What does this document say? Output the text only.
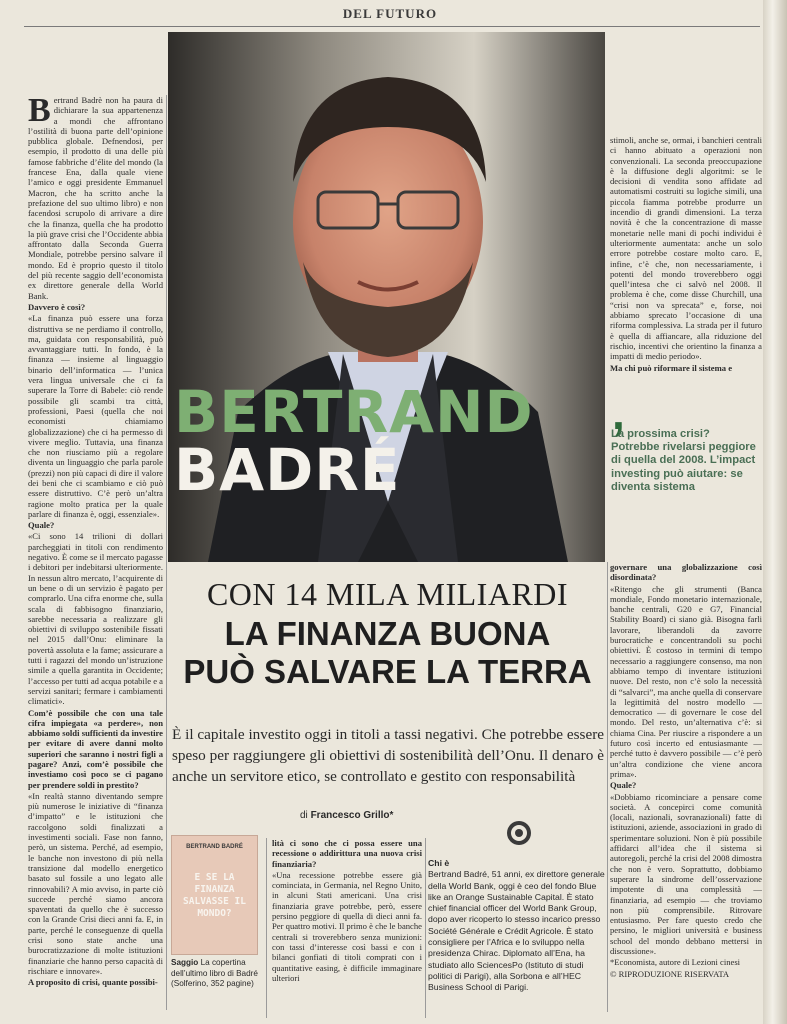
DEL FUTURO
B ertrand Badrè non ha paura di dichiarare la sua appartenenza a mondi che affrontano l’ostilità di buona parte dell’opinione pubblica globale. Defnendosi, per esempio, il prodotto di una delle più famose fabbriche d’élite del mondo (la francese Ena, dalla quale viene l’amico e oggi presidente Emmanuel Macron, che ha scritto anche la prefazione del suo ultimo libro) e non facendosi scrupolo di arrivare a dire che la finanza, quella che ha prodotto la più grave crisi che l’Occidente abbia affrontato dalla Seconda Guerra Mondiale, potrebbe persino salvare il mondo. Ed è proprio questo il titolo del più recente saggio dell’economista ex direttore generale della World Bank.

Davvero è così?

«La finanza può essere una forza distruttiva se ne perdiamo il controllo, ma, guidata con responsabilità, può avvantaggiare tutti. In fondo, è la finanza — insieme al linguaggio binario dell’informatica — l’unica vera lingua universale che ci fa superare la Torre di Babele: ciò rende possibile gli scambi tra città, professioni, Paesi (quella che noi economisti chiamiamo globalizzazione) che ci ha permesso di vivere meglio. Tuttavia, una finanza che non riusciamo più a regolare diventa un linguaggio che parla parole (prezzi) non più capaci di dire il valore dei beni che ci scambiamo e ciò può essere distruttivo. C’è però un’altra ragione molto pratica per la quale parlare di finanza è, oggi, essenziale».

Quale?

«Ci sono 14 trilioni di dollari parcheggiati in titoli con rendimento negativo. È come se il mercato pagasse i debitori per indebitarsi ulteriormente. In nessun altro mercato, l’acquirente di un bene o di un servizio è pagato per comprarlo. Una cifra enorme che, sulla scala di fabbisogno finanziario, sarebbe necessaria a realizzare gli obiettivi di sviluppo sostenibile fissati nel 2015 dall’Onu: eliminare la povertà assoluta e la fame; assicurare a tutti i ragazzi del mondo un’istruzione simile a quella garantita in Occidente; l’accesso per tutti ad acqua potabile e a servizi sanitari; fermare i cambiamenti climatici».

Com’è possibile che con una tale cifra impiegata «a perdere», non abbiamo soldi sufficienti da investire per evitare di avere danni molto superiori che saranno i nostri figli a pagare? Anzi, com’è possibile che investiamo così poco se ci pagano per prendere soldi in prestito?

«In realtà stanno diventando sempre più numerose le iniziative di “finanza d’impatto” e le istituzioni che raccolgono soldi finalizzati a investimenti sociali. Fase non fanno, però, un sistema. Perché, ad esempio, le banche non investono di più nella transizione dal modello energetico basato sul fossile a uno legato alle rinnovabili? A mio avviso, in parte ciò succede perché siamo ancora spaventati da quello che è successo con la Grande Crisi dieci anni fa. E, in parte, perché le conseguenze di quella crisi sono state anche una burocratizzazione di molte istituzioni finanziarie che hanno perso capacità di rischiare e innovare».

A proposito di crisi, quante possibi-

stimoli, anche se, ormai, i banchieri centrali ci hanno abituato a operazioni non convenzionali. La seconda preoccupazione è la diffusione degli algoritmi: se le decisioni di vendita sono affidate ad automatismi costruiti su logiche simili, una piccola fiamma potrebbe produrre un incendio di grandi dimensioni. La terza novità è che la concentrazione di masse monetarie nelle mani di pochi individui è ulteriormente aumentata: anche un solo errore potrebbe costare molto caro. E, infine, c’è che, non necessariamente, i potenti del mondo troverebbero oggi quell’intesa che ci salvò nel 2008. Il problema è che, come disse Churchill, una “crisi non va sprecata” e, forse, noi abbiamo sprecato l’occasione di una riforma complessiva. La strada per il futuro è quella di affiancare, alla riduzione del rischio, incentivi che orientino la finanza a impatti di medio periodo».

Ma chi può riformare il sistema e

,
La prossima crisi? Potrebbe rivelarsi peggiore di quella del 2008. L’impact investing può aiutare: se diventa sistema
BERTRAND
BADRÉ

governare una globalizzazione così disordinata?

«Ritengo che gli strumenti (Banca mondiale, Fondo monetario internazionale, banche centrali, G20 e G7, Financial Stability Board) ci siano già. Bisogna farli lavorare, liberandoli da zavorre burocratiche e concentrandoli su pochi obiettivi. È costoso in termini di tempo necessario a raggiungere consenso, ma non abbiamo tempo di inventare istituzioni nuove. Del resto, non c’è solo la necessità di “salvarci”, ma anche quella di conservare la legittimità del nostro modello — democratico — di governare le cose del mondo. Del resto, un’alternativa c’è: si chiama Cina. Per riuscire a rispondere a un futuro così incerto ed entusiasmante — perché tutto è davvero possibile — c’è però un’altra condizione che viene ancora prima».

Quale?

«Dobbiamo ricominciare a pensare come società. A concepirci come comunità (locali, nazionali, sovranazionali) fatte di istituzioni, aziende, associazioni in grado di sperimentare soluzioni. Non è più possibile affidarci all’idea che il sistema si autoregoli, perché la crisi del 2008 dimostra che non è vero. Soprattutto, dobbiamo superare la sindrome dell’osservazione impotente di una complessità — finanziaria, ad esempio — che troviamo non più comprensibile. Ritrovare entusiasmo. Per fare questo credo che persino, le migliori università e business school del mondo debbano mettersi in discussione».

*Economista, autore di Lezioni cinesi

© RIPRODUZIONE RISERVATA

CON 14 MILA MILIARDI
LA FINANZA BUONA
PUÒ SALVARE LA TERRA
È il capitale investito oggi in titoli a tassi negativi. Che potrebbe essere speso per raggiungere gli obiettivi di sostenibilità dell’Onu. Il denaro è anche un servitore etico, se controllato e gestito con responsabilità
di Francesco Grillo*
BERTRAND BADRÉ
E SE LA FINANZA SALVASSE IL MONDO?
Saggio La copertina dell’ultimo libro di Badré (Solferino, 352 pagine)

lità ci sono che ci possa essere una recessione o addirittura una nuova crisi finanziaria?

«Una recessione potrebbe essere già cominciata, in Germania, nel Regno Unito, in alcuni Stati americani. Una crisi finanziaria grave potrebbe, però, essere persino peggiore di quella di dieci anni fa. Per quattro motivi. Il primo è che le banche centrali si troverebbero senza munizioni: con tassi d’interesse così bassi e con i bilanci gonfiati di titoli comprati con i quantitative easing, è difficile immaginare ulteriori

Chi è
Bertrand Badré, 51 anni, ex direttore generale della World Bank, oggi è ceo del fondo Blue like an Orange Sustainable Capital. È stato chief financial officer del World Bank Group, dopo aver ricoperto lo stesso incarico presso Société Générale e Crédit Agricole. È stato consigliere per l’Africa e lo sviluppo nella presidenza Chirac. Diplomato all’Ena, ha studiato allo SciencesPo (Istituto di studi politici di Parigi), alla Sorbona e all’HEC Business School di Parigi.
